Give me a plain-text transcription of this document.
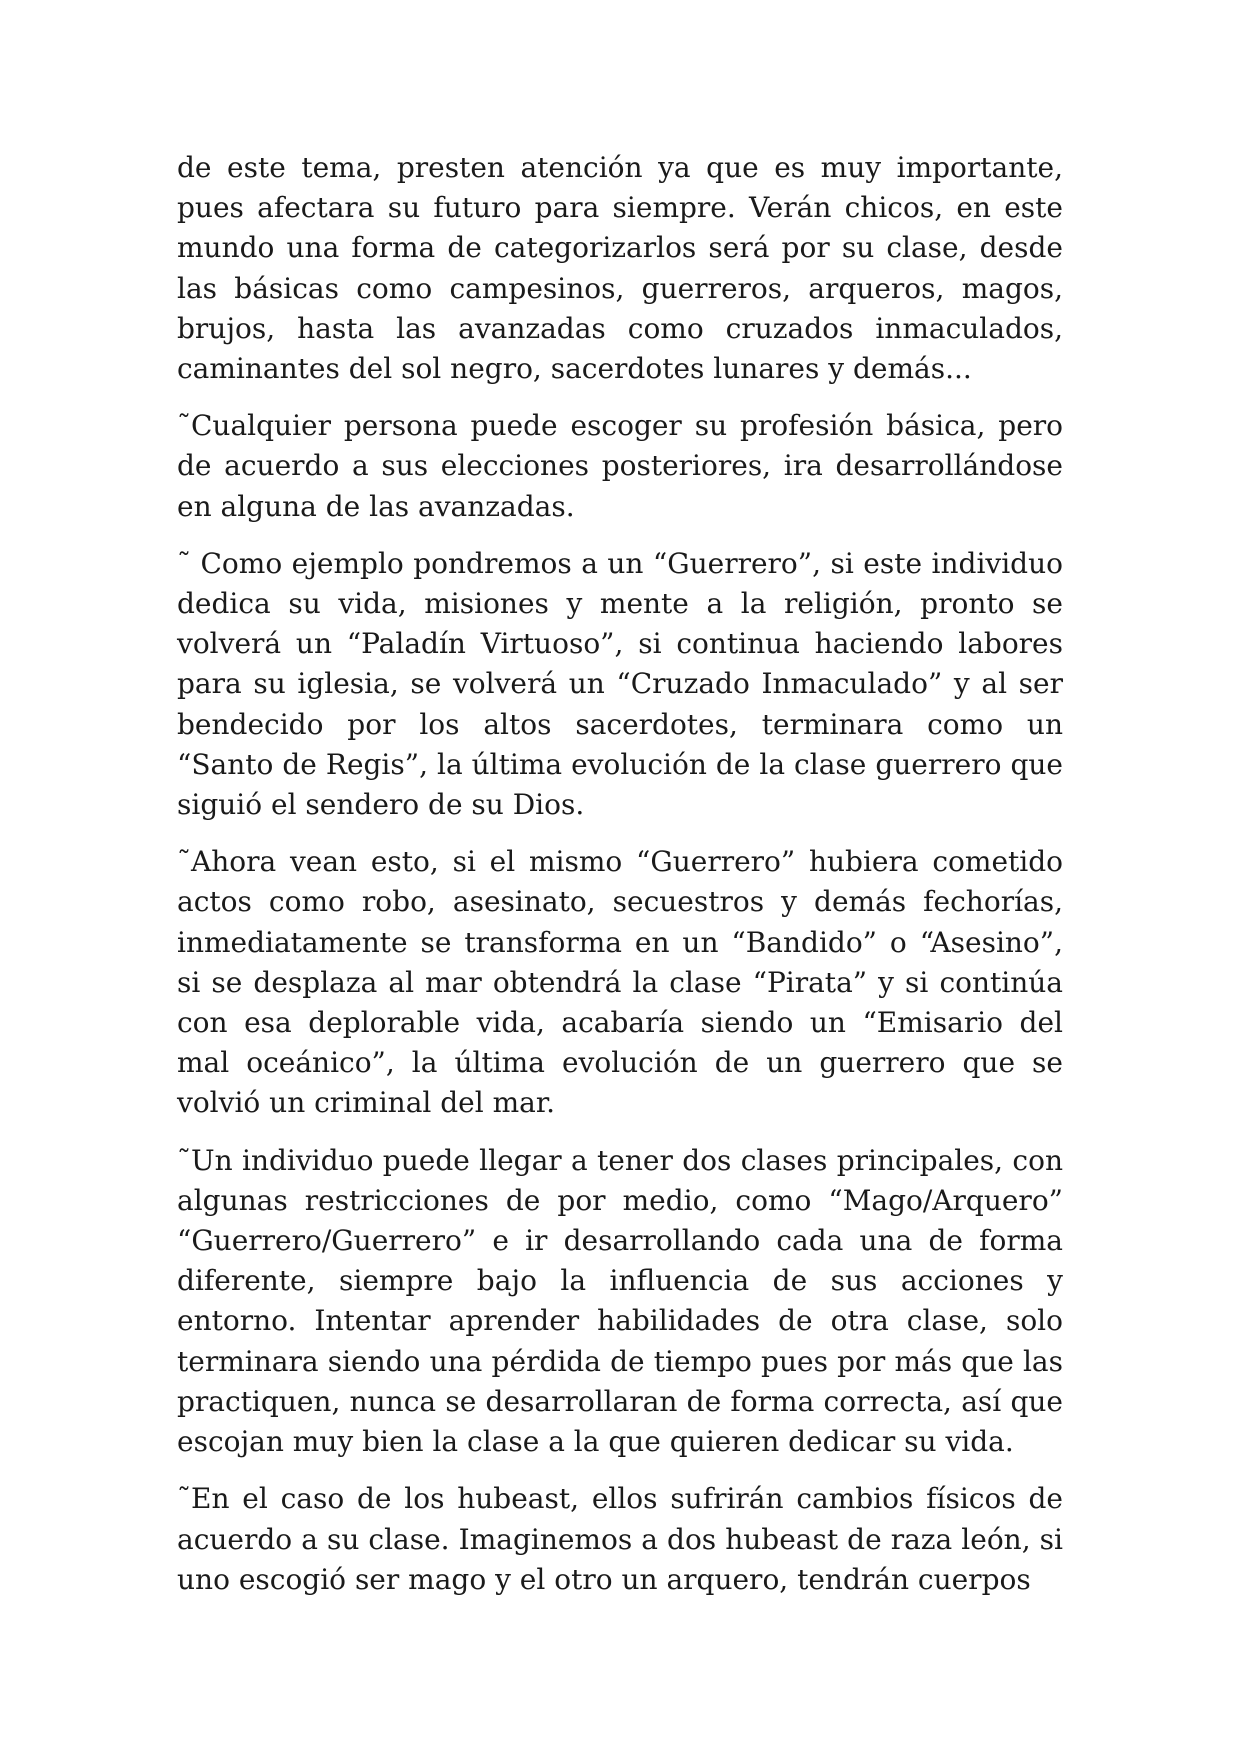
de este tema, presten atención ya que es muy importante, pues afectara su futuro para siempre. Verán chicos, en este mundo una forma de categorizarlos será por su clase, desde las básicas como campesinos, guerreros, arqueros, magos, brujos, hasta las avanzadas como cruzados inmaculados, caminantes del sol negro, sacerdotes lunares y demás...

˜Cualquier persona puede escoger su profesión básica, pero de acuerdo a sus elecciones posteriores, ira desarrollándose en alguna de las avanzadas.

˜ Como ejemplo pondremos a un “Guerrero”, si este individuo dedica su vida, misiones y mente a la religión, pronto se volverá un “Paladín Virtuoso”, si continua haciendo labores para su iglesia, se volverá un “Cruzado Inmaculado” y al ser bendecido por los altos sacerdotes, terminara como un “Santo de Regis”, la última evolución de la clase guerrero que siguió el sendero de su Dios.

˜Ahora vean esto, si el mismo “Guerrero” hubiera cometido actos como robo, asesinato, secuestros y demás fechorías, inmediatamente se transforma en un “Bandido” o “Asesino”, si se desplaza al mar obtendrá la clase “Pirata” y si continúa con esa deplorable vida, acabaría siendo un “Emisario del mal oceánico”, la última evolución de un guerrero que se volvió un criminal del mar.

˜Un individuo puede llegar a tener dos clases principales, con algunas restricciones de por medio, como “Mago/Arquero” “Guerrero/Guerrero” e ir desarrollando cada una de forma diferente, siempre bajo la influencia de sus acciones y entorno. Intentar aprender habilidades de otra clase, solo terminara siendo una pérdida de tiempo pues por más que las practiquen, nunca se desarrollaran de forma correcta, así que escojan muy bien la clase a la que quieren dedicar su vida.

˜En el caso de los hubeast, ellos sufrirán cambios físicos de acuerdo a su clase. Imaginemos a dos hubeast de raza león, si uno escogió ser mago y el otro un arquero, tendrán cuerpos
